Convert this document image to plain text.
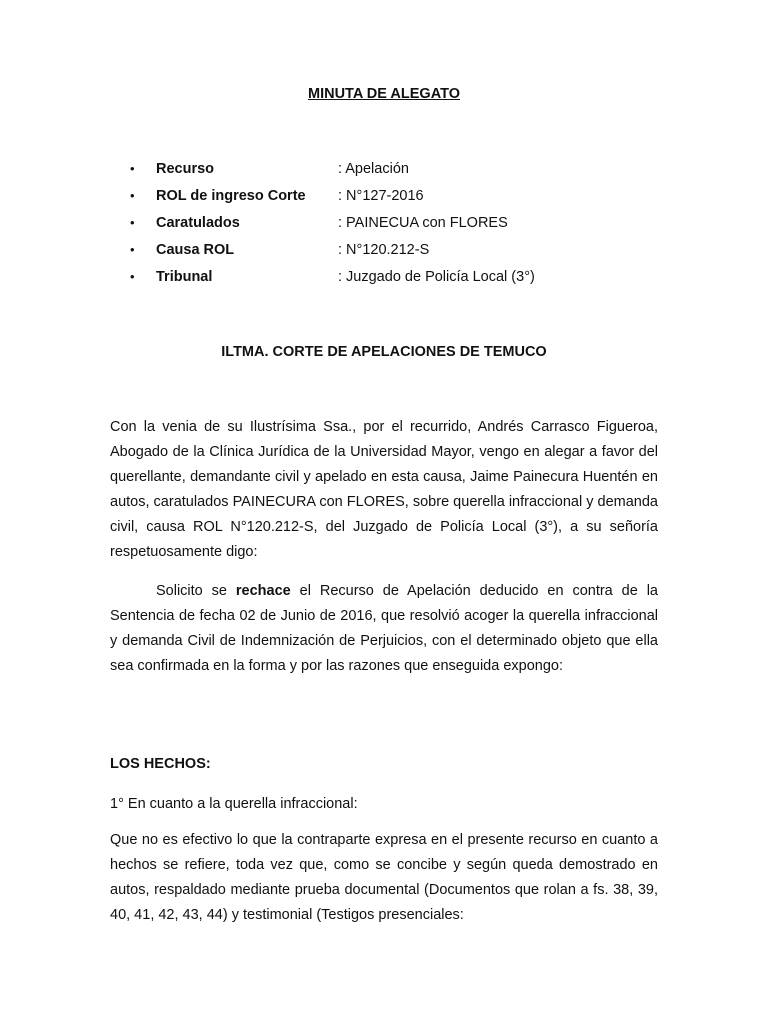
MINUTA DE ALEGATO
• Recurso	: Apelación
• ROL de ingreso Corte : N°127-2016
• Caratulados	: PAINECUA con FLORES
• Causa ROL	: N°120.212-S
• Tribunal	: Juzgado de Policía Local (3°)
ILTMA. CORTE DE APELACIONES DE TEMUCO

Con la venia de su Ilustrísima Ssa., por el recurrido, Andrés Carrasco Figueroa, Abogado de la Clínica Jurídica de la Universidad Mayor, vengo en alegar a favor del querellante, demandante civil y apelado en esta causa, Jaime Painecura Huentén en autos, caratulados PAINECURA con FLORES, sobre querella infraccional y demanda civil, causa ROL N°120.212-S, del Juzgado de Policía Local (3°), a su señoría respetuosamente digo:

Solicito se rechace el Recurso de Apelación deducido en contra de la Sentencia de fecha 02 de Junio de 2016, que resolvió acoger la querella infraccional y demanda Civil de Indemnización de Perjuicios, con el determinado objeto que ella sea confirmada en la forma y por las razones que enseguida expongo:

LOS HECHOS:

1° En cuanto a la querella infraccional:

Que no es efectivo lo que la contraparte expresa en el presente recurso en cuanto a hechos se refiere, toda vez que, como se concibe y según queda demostrado en autos, respaldado mediante prueba documental (Documentos que rolan a fs. 38, 39, 40, 41, 42, 43, 44) y testimonial (Testigos presenciales:
